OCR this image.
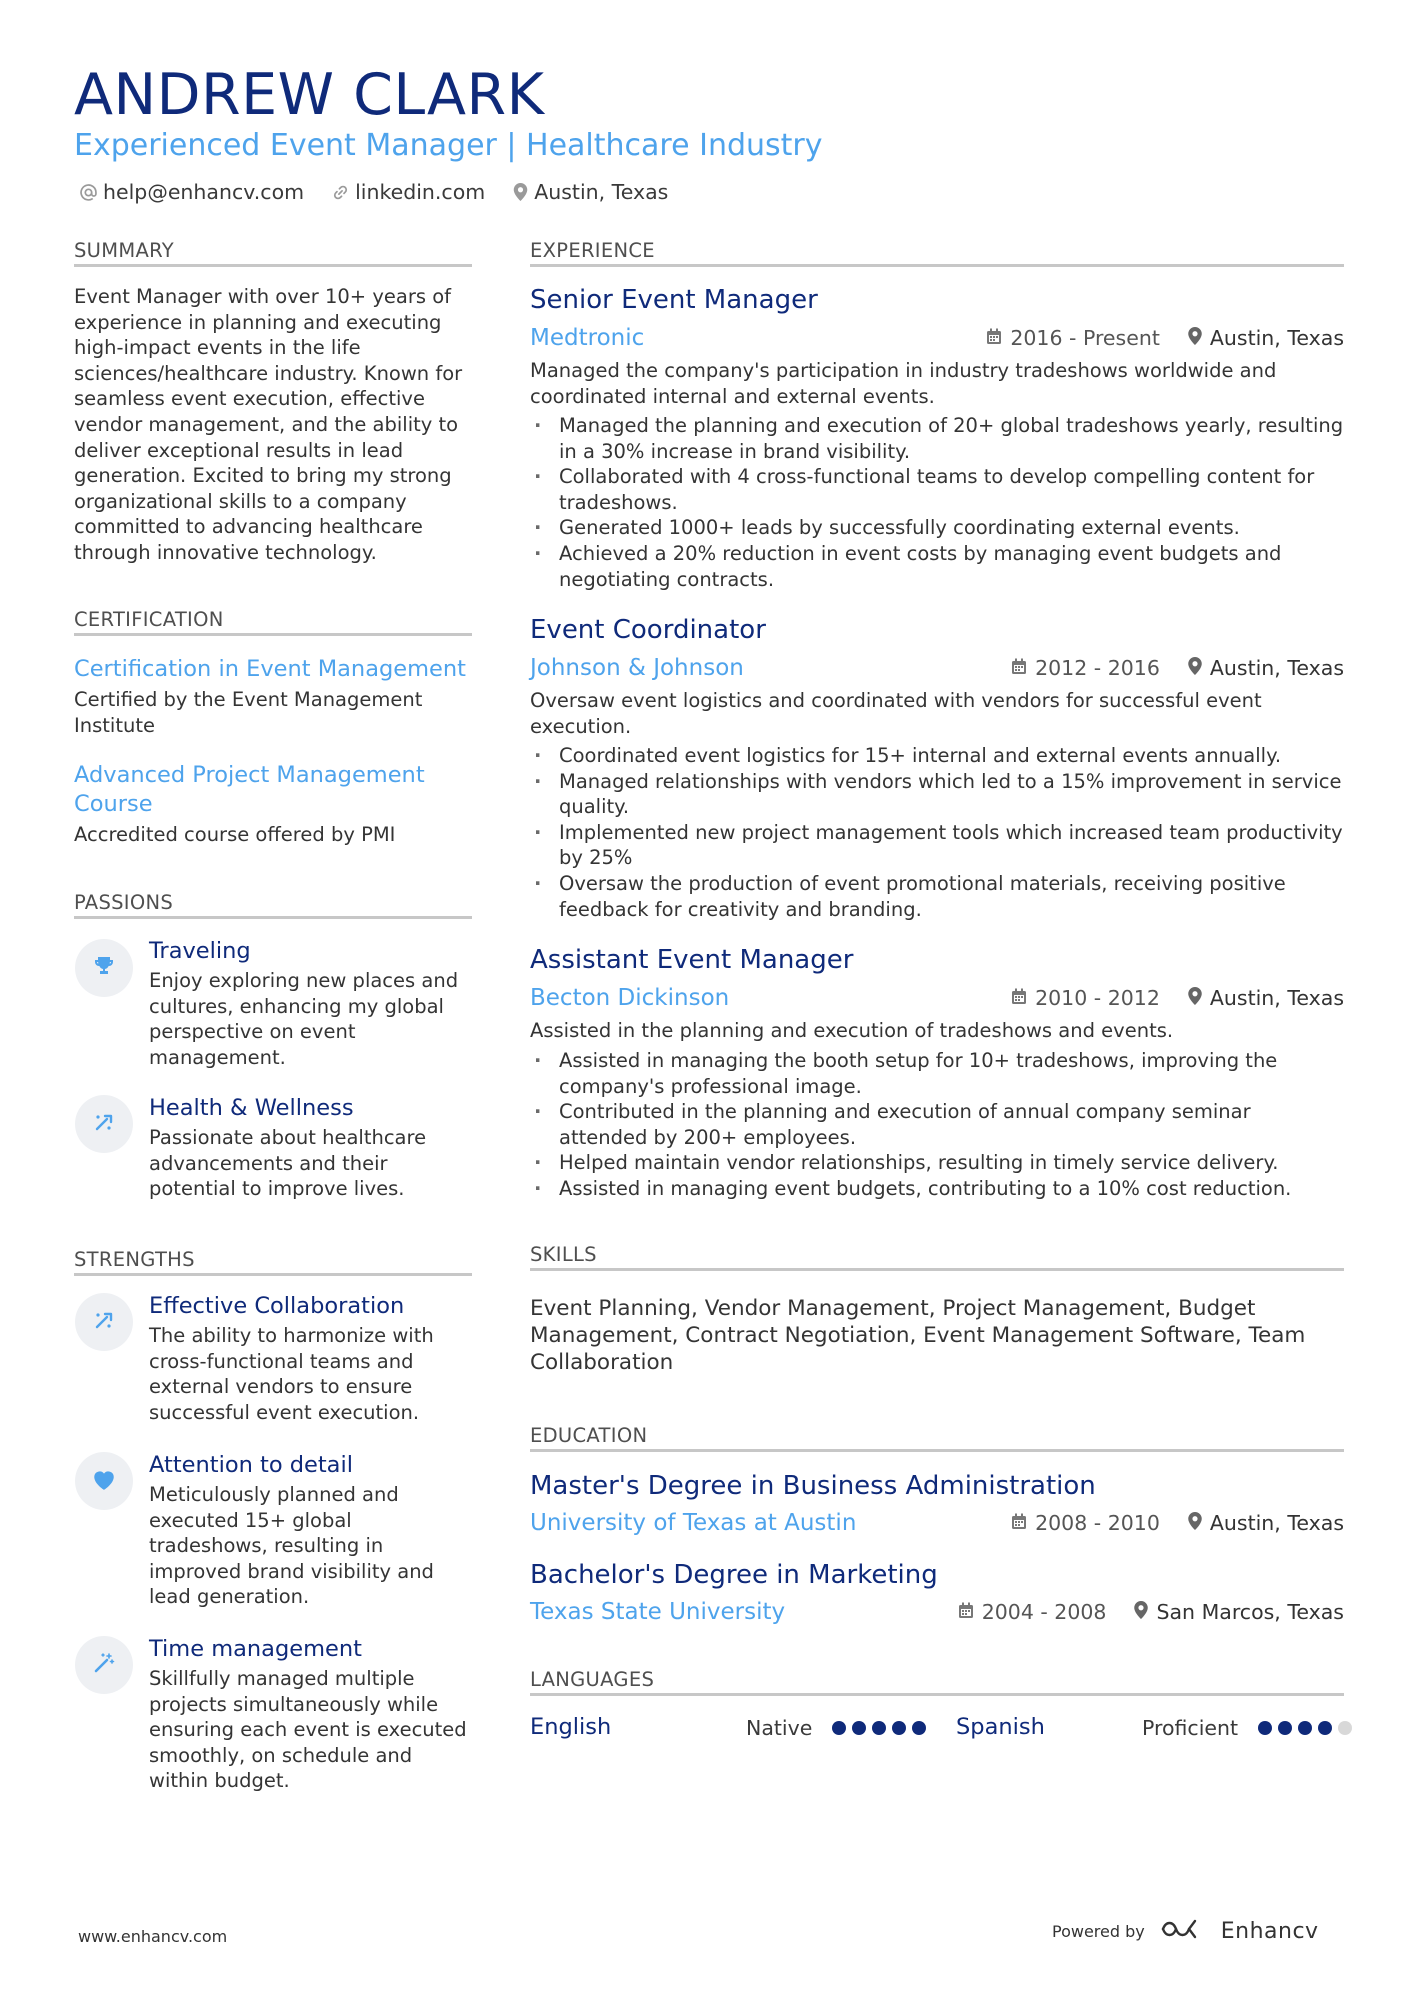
ANDREW CLARK
Experienced Event Manager | Healthcare Industry
help@enhancv.com linkedin.com Austin, Texas
SUMMARY
Event Manager with over 10+ years of experience in planning and executing high-impact events in the life sciences/healthcare industry. Known for seamless event execution, effective vendor management, and the ability to deliver exceptional results in lead generation. Excited to bring my strong organizational skills to a company committed to advancing healthcare through innovative technology.
CERTIFICATION
Certification in Event Management
Certified by the Event Management Institute
Advanced Project Management Course
Accredited course offered by PMI
PASSIONS
Traveling
Enjoy exploring new places and cultures, enhancing my global perspective on event management.
Health & Wellness
Passionate about healthcare advancements and their potential to improve lives.
STRENGTHS
Effective Collaboration
The ability to harmonize with cross-functional teams and external vendors to ensure successful event execution.
Attention to detail
Meticulously planned and executed 15+ global tradeshows, resulting in improved brand visibility and lead generation.
Time management
Skillfully managed multiple projects simultaneously while ensuring each event is executed smoothly, on schedule and within budget.
EXPERIENCE
Senior Event Manager
Medtronic	2016 - Present Austin, Texas
Managed the company's participation in industry tradeshows worldwide and coordinated internal and external events.
· Managed the planning and execution of 20+ global tradeshows yearly, resulting in a 30% increase in brand visibility.
· Collaborated with 4 cross-functional teams to develop compelling content for tradeshows.
· Generated 1000+ leads by successfully coordinating external events.
· Achieved a 20% reduction in event costs by managing event budgets and negotiating contracts.
Event Coordinator
Johnson & Johnson	2012 - 2016 Austin, Texas
Oversaw event logistics and coordinated with vendors for successful event execution.
· Coordinated event logistics for 15+ internal and external events annually.
· Managed relationships with vendors which led to a 15% improvement in service quality.
· Implemented new project management tools which increased team productivity by 25%
· Oversaw the production of event promotional materials, receiving positive feedback for creativity and branding.
Assistant Event Manager
Becton Dickinson	2010 - 2012 Austin, Texas
Assisted in the planning and execution of tradeshows and events.
· Assisted in managing the booth setup for 10+ tradeshows, improving the company's professional image.
· Contributed in the planning and execution of annual company seminar attended by 200+ employees.
· Helped maintain vendor relationships, resulting in timely service delivery.
· Assisted in managing event budgets, contributing to a 10% cost reduction.
SKILLS
Event Planning, Vendor Management, Project Management, Budget Management, Contract Negotiation, Event Management Software, Team Collaboration
EDUCATION
Master's Degree in Business Administration
University of Texas at Austin	2008 - 2010 Austin, Texas
Bachelor's Degree in Marketing
Texas State University	2004 - 2008 San Marcos, Texas
LANGUAGES
English	Native	Spanish	Proficient
www.enhancv.com	Powered by	Enhancv
